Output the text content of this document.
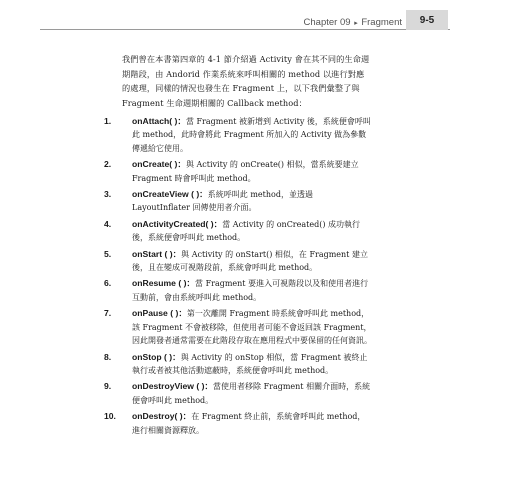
Chapter 09 ▸ Fragment	9-5

我們曾在本書第四章的 4-1 節介紹過 Activity 會在其不同的生命週期階段，由 Andorid 作業系統來呼叫相關的 method 以進行對應的處理，同樣的情況也發生在 Fragment 上，以下我們彙整了與 Fragment 生命週期相關的 Callback method：

1.	onAttach( )：當 Fragment 被新增到 Activity 後，系統便會呼叫此 method，此時會將此 Fragment 所加入的 Activity 做為參數傳遞給它使用。
2.	onCreate( )：與 Activity 的 onCreate() 相似，當系統要建立 Fragment 時會呼叫此 method。
3.	onCreateView ( )：系統呼叫此 method，並透過 LayoutInflater 回傳使用者介面。
4.	onActivityCreated( )：當 Activity 的 onCreated() 成功執行後，系統便會呼叫此 method。
5.	onStart ( )：與 Activity 的 onStart() 相似，在 Fragment 建立後，且在變成可視階段前，系統會呼叫此 method。
6.	onResume ( )：當 Fragment 要進入可視階段以及和使用者進行互動前，會由系統呼叫此 method。
7.	onPause ( )：第一次離開 Fragment 時系統會呼叫此 method，該 Fragment 不會被移除，但使用者可能不會返回該 Fragment，因此開發者通常需要在此階段存取在應用程式中要保留的任何資訊。
8.	onStop ( )：與 Activity 的 onStop 相似，當 Fragment 被終止執行或者被其他活動遮蔽時，系統便會呼叫此 method。
9.	onDestroyView ( )：當使用者移除 Fragment 相關介面時，系統便會呼叫此 method。
10.	onDestroy( )：在 Fragment 終止前，系統會呼叫此 method，進行相關資源釋放。
